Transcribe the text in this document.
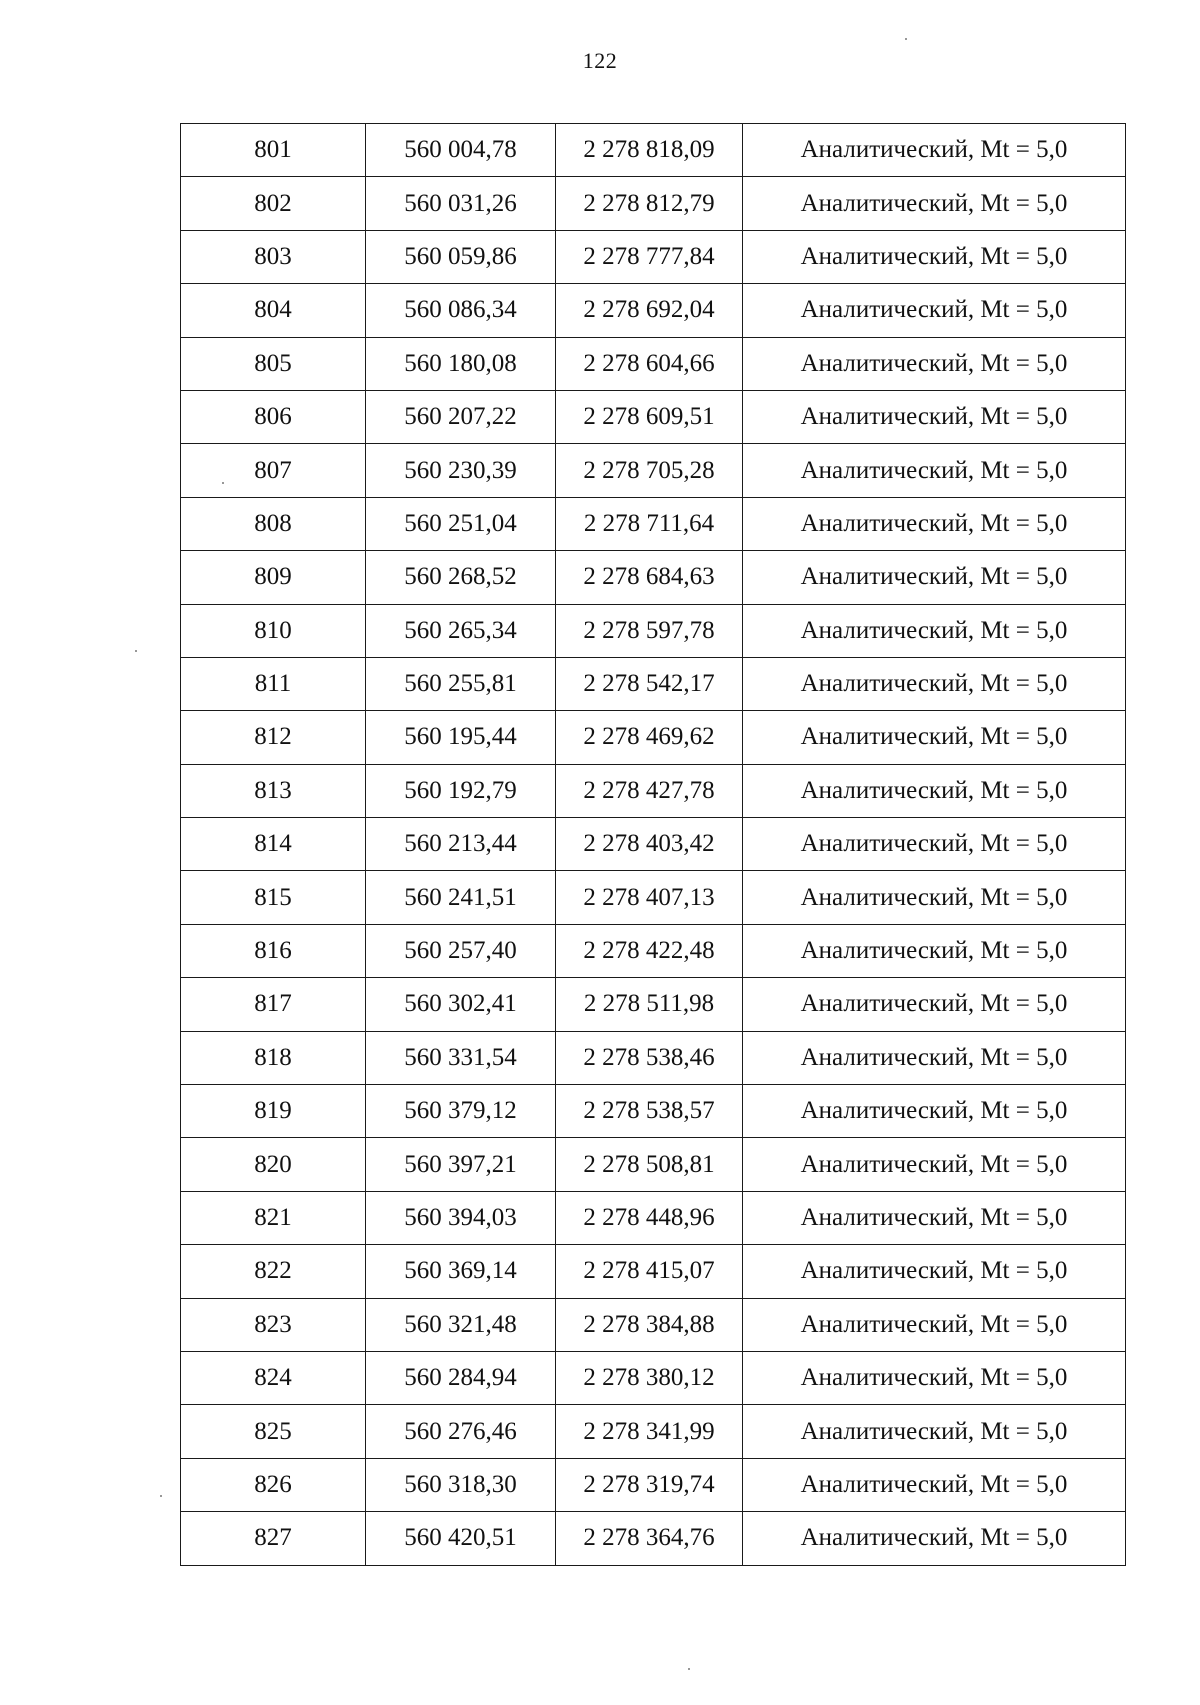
122
801	560 004,78	2 278 818,09	Аналитический, Mt = 5,0
802	560 031,26	2 278 812,79	Аналитический, Mt = 5,0
803	560 059,86	2 278 777,84	Аналитический, Mt = 5,0
804	560 086,34	2 278 692,04	Аналитический, Mt = 5,0
805	560 180,08	2 278 604,66	Аналитический, Mt = 5,0
806	560 207,22	2 278 609,51	Аналитический, Mt = 5,0
807	560 230,39	2 278 705,28	Аналитический, Mt = 5,0
808	560 251,04	2 278 711,64	Аналитический, Mt = 5,0
809	560 268,52	2 278 684,63	Аналитический, Mt = 5,0
810	560 265,34	2 278 597,78	Аналитический, Mt = 5,0
811	560 255,81	2 278 542,17	Аналитический, Mt = 5,0
812	560 195,44	2 278 469,62	Аналитический, Mt = 5,0
813	560 192,79	2 278 427,78	Аналитический, Mt = 5,0
814	560 213,44	2 278 403,42	Аналитический, Mt = 5,0
815	560 241,51	2 278 407,13	Аналитический, Mt = 5,0
816	560 257,40	2 278 422,48	Аналитический, Mt = 5,0
817	560 302,41	2 278 511,98	Аналитический, Mt = 5,0
818	560 331,54	2 278 538,46	Аналитический, Mt = 5,0
819	560 379,12	2 278 538,57	Аналитический, Mt = 5,0
820	560 397,21	2 278 508,81	Аналитический, Mt = 5,0
821	560 394,03	2 278 448,96	Аналитический, Mt = 5,0
822	560 369,14	2 278 415,07	Аналитический, Mt = 5,0
823	560 321,48	2 278 384,88	Аналитический, Mt = 5,0
824	560 284,94	2 278 380,12	Аналитический, Mt = 5,0
825	560 276,46	2 278 341,99	Аналитический, Mt = 5,0
826	560 318,30	2 278 319,74	Аналитический, Mt = 5,0
827	560 420,51	2 278 364,76	Аналитический, Mt = 5,0
